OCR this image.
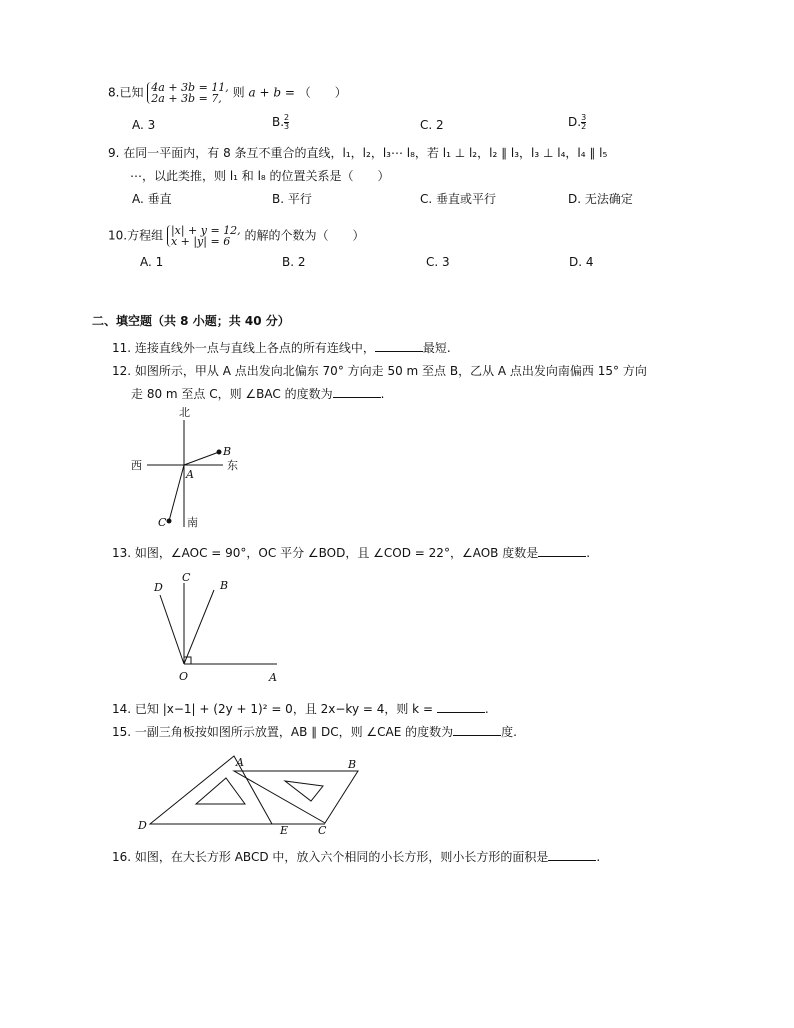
8.已知 4a + 3b = 11,
2a + 3b = 7, 则 a + b = （　　）
A. 3	B. $\frac{2}{3}$	C. 2	D. $\frac{3}{2}$
9. 在同一平面内，有 8 条互不重合的直线，l₁，l₂，l₃⋯ l₈，若 l₁ ⊥ l₂，l₂ ∥ l₃，l₃ ⊥ l₄，l₄ ∥ l₅
⋯，以此类推，则 l₁ 和 l₈ 的位置关系是（　　）
A. 垂直	B. 平行	C. 垂直或平行	D. 无法确定
10.方程组 |x| + y = 12,
x + |y| = 6 的解的个数为（　　）
A. 1	B. 2	C. 3	D. 4
二、填空题（共 8 小题；共 40 分）
11. 连接直线外一点与直线上各点的所有连线中，	最短.
12. 如图所示，甲从 A 点出发向北偏东 70° 方向走 50 m 至点 B，乙从 A 点出发向南偏西 15° 方向
走 80 m 至点 C，则 ∠BAC 的度数为	.
北
南
西	东
A
B
C
13. 如图，∠AOC = 90°，OC 平分 ∠BOD，且 ∠COD = 22°，∠AOB 度数是	.
D
C
B
O	A
14. 已知 |x−1| + (2y + 1)² = 0，且 2x−ky = 4，则 k =	.
15. 一副三角板按如图所示放置，AB ∥ DC，则 ∠CAE 的度数为	度.
A	B
D	E	C
16. 如图，在大长方形 ABCD 中，放入六个相同的小长方形，则小长方形的面积是	.
